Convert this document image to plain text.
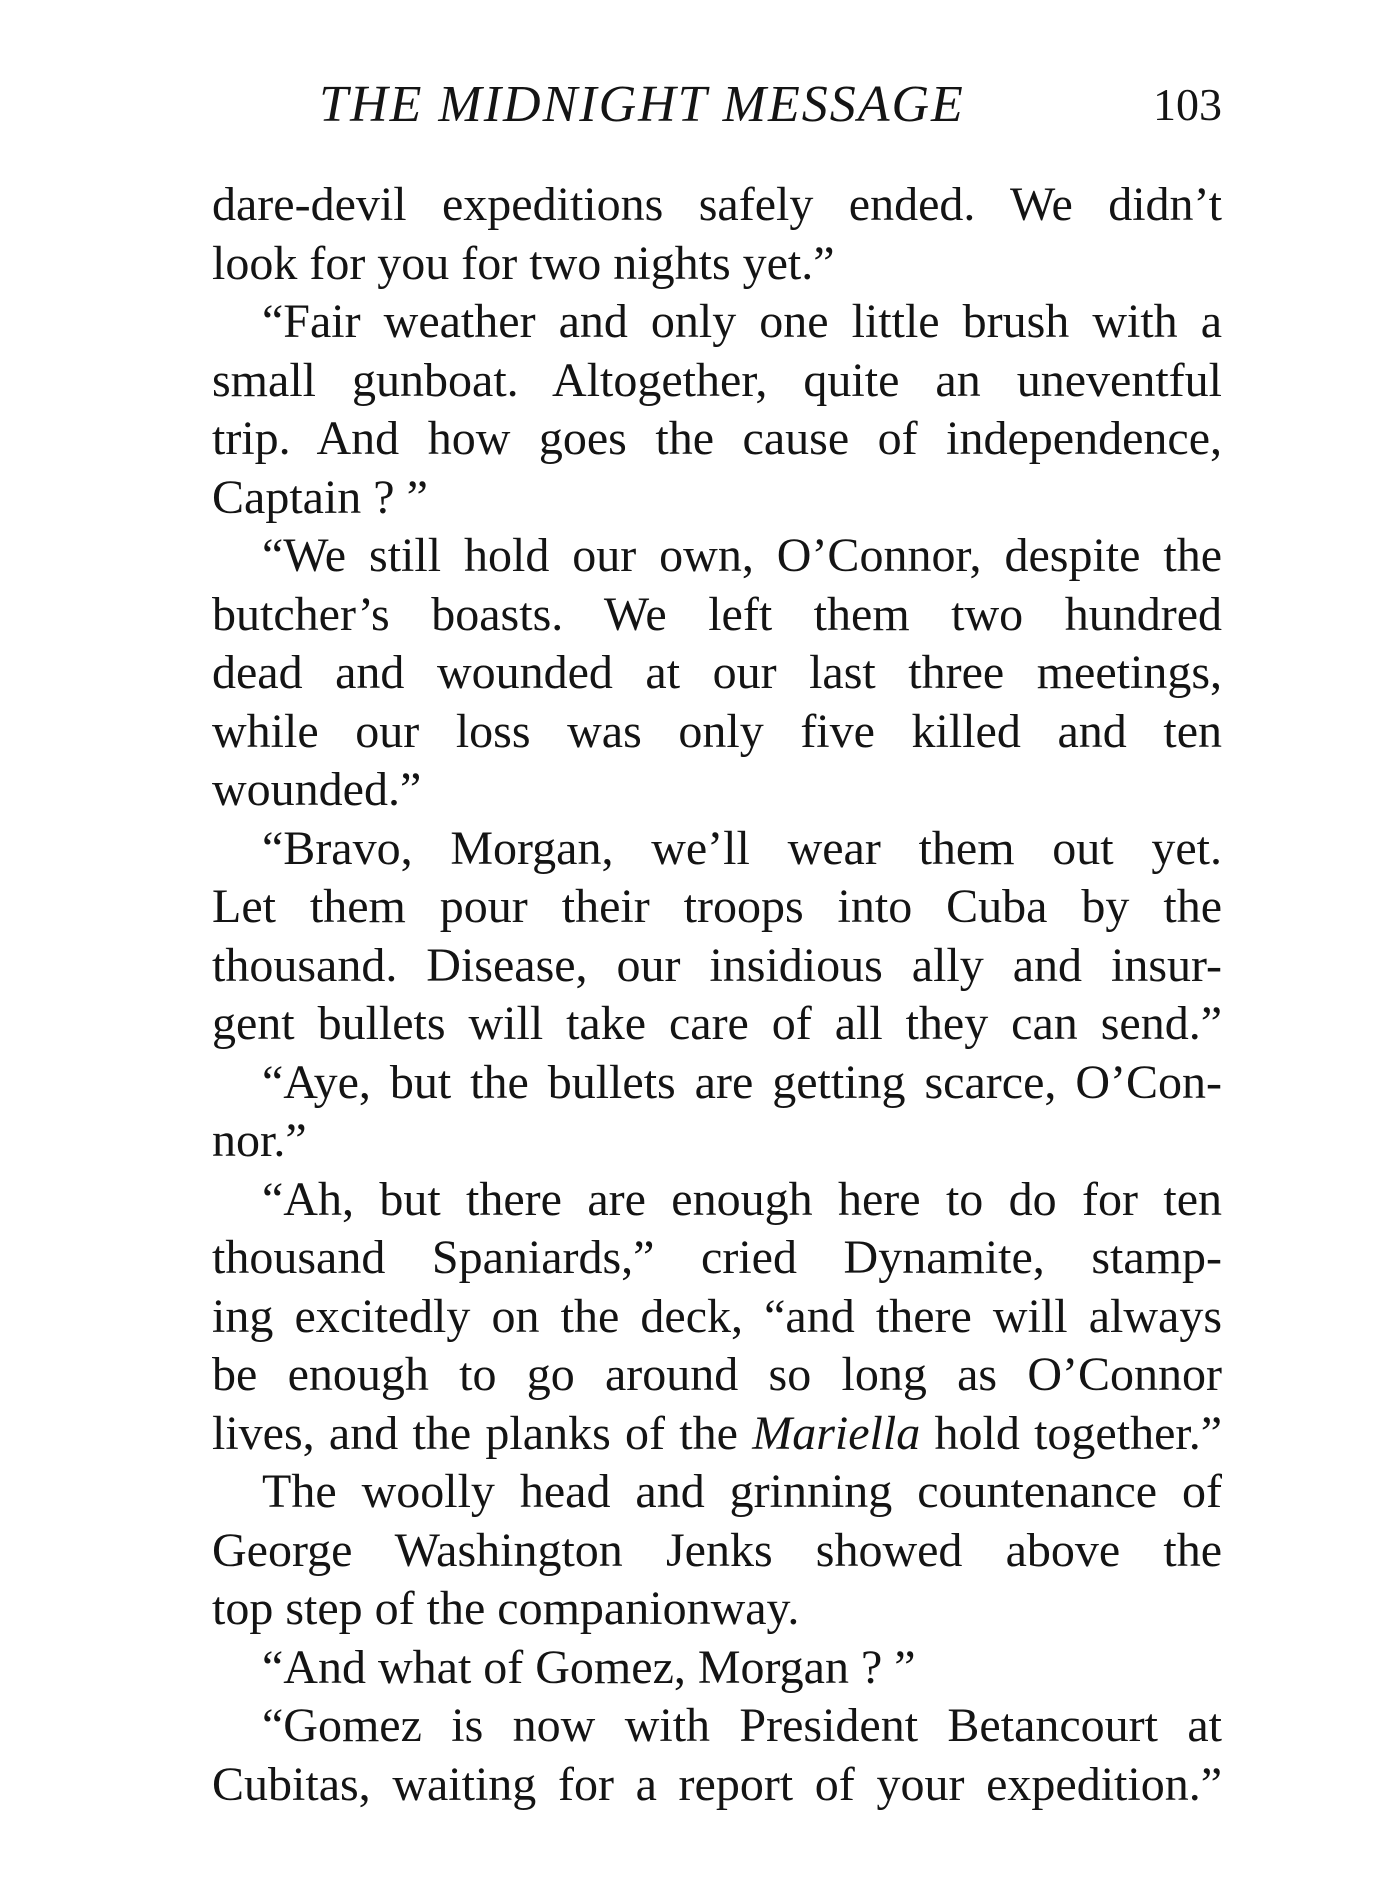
THE MIDNIGHT MESSAGE	103
dare-devil expeditions safely ended. We didn’t
look for you for two nights yet.”
“Fair weather and only one little brush with a
small gunboat. Altogether, quite an uneventful
trip. And how goes the cause of independence,
Captain ? ”
“We still hold our own, O’Connor, despite the
butcher’s boasts. We left them two hundred
dead and wounded at our last three meetings,
while our loss was only five killed and ten
wounded.”
“Bravo, Morgan, we’ll wear them out yet.
Let them pour their troops into Cuba by the
thousand. Disease, our insidious ally and insur-
gent bullets will take care of all they can send.”
“Aye, but the bullets are getting scarce, O’Con-
nor.”
“Ah, but there are enough here to do for ten
thousand Spaniards,” cried Dynamite, stamp-
ing excitedly on the deck, “and there will always
be enough to go around so long as O’Connor
lives, and the planks of the Mariella hold together.”
The woolly head and grinning countenance of
George Washington Jenks showed above the
top step of the companionway.
“And what of Gomez, Morgan ? ”
“Gomez is now with President Betancourt at
Cubitas, waiting for a report of your expedition.”
